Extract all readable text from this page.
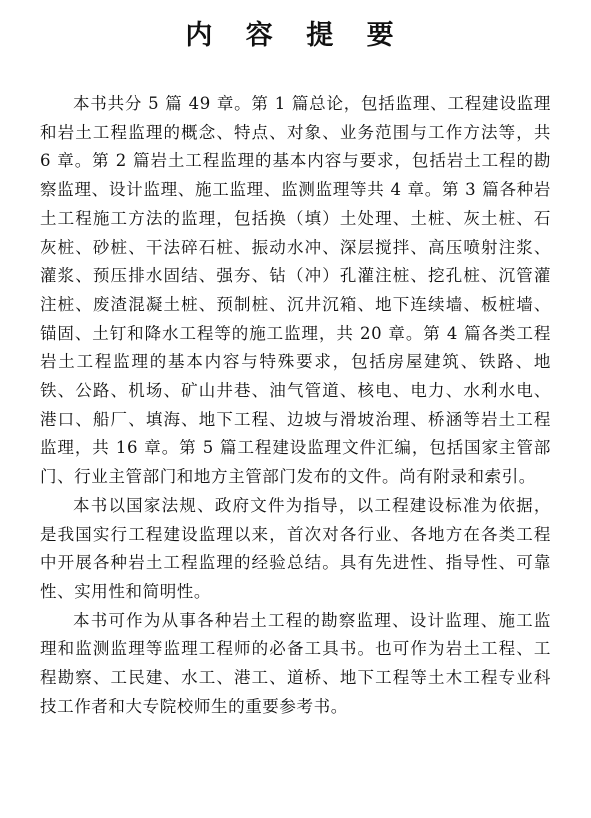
内 容 提 要

本书共分 5 篇 49 章。第 1 篇总论，包括监理、工程建设监理和岩土工程监理的概念、特点、对象、业务范围与工作方法等，共 6 章。第 2 篇岩土工程监理的基本内容与要求，包括岩土工程的勘察监理、设计监理、施工监理、监测监理等共 4 章。第 3 篇各种岩土工程施工方法的监理，包括换（填）土处理、土桩、灰土桩、石灰桩、砂桩、干法碎石桩、振动水冲、深层搅拌、高压喷射注浆、灌浆、预压排水固结、强夯、钻（冲）孔灌注桩、挖孔桩、沉管灌注桩、废渣混凝土桩、预制桩、沉井沉箱、地下连续墙、板桩墙、锚固、土钉和降水工程等的施工监理，共 20 章。第 4 篇各类工程岩土工程监理的基本内容与特殊要求，包括房屋建筑、铁路、地铁、公路、机场、矿山井巷、油气管道、核电、电力、水利水电、港口、船厂、填海、地下工程、边坡与滑坡治理、桥涵等岩土工程监理，共 16 章。第 5 篇工程建设监理文件汇编，包括国家主管部门、行业主管部门和地方主管部门发布的文件。尚有附录和索引。

本书以国家法规、政府文件为指导，以工程建设标准为依据，是我国实行工程建设监理以来，首次对各行业、各地方在各类工程中开展各种岩土工程监理的经验总结。具有先进性、指导性、可靠性、实用性和简明性。

本书可作为从事各种岩土工程的勘察监理、设计监理、施工监理和监测监理等监理工程师的必备工具书。也可作为岩土工程、工程勘察、工民建、水工、港工、道桥、地下工程等土木工程专业科技工作者和大专院校师生的重要参考书。
